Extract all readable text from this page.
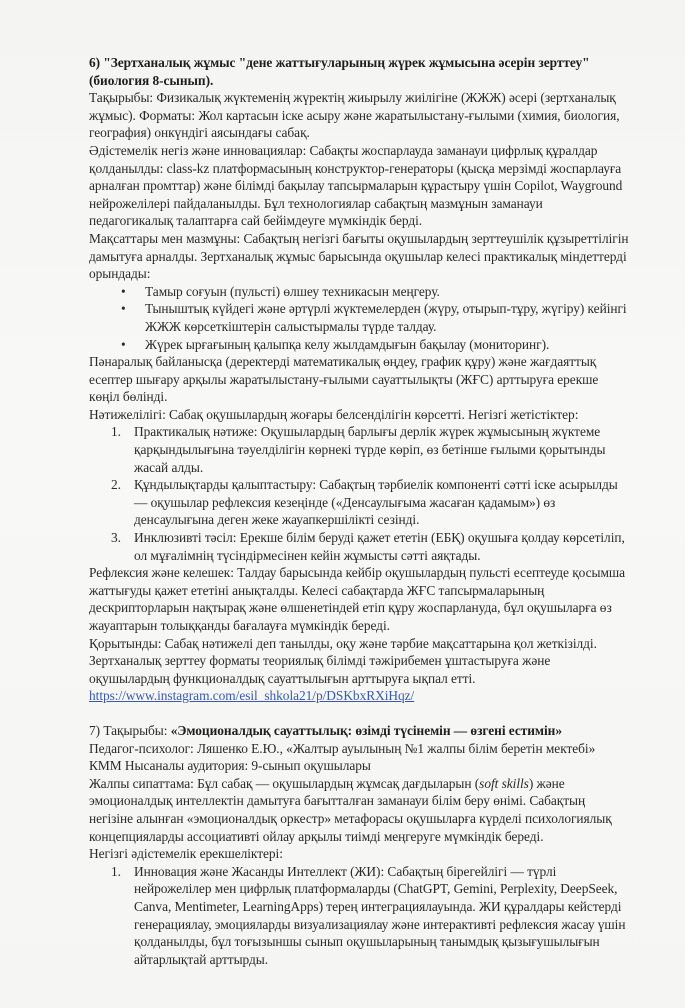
6) "Зертханалық жұмыс "дене жаттығуларының жүрек жұмысына әсерін зерттеу" (биология 8-сынып).

Тақырыбы: Физикалық жүктеменің жүректің жиырылу жиілігіне (ЖЖЖ) әсері (зертханалық жұмыс). Форматы: Жол картасын іске асыру және жаратылыстану-ғылыми (химия, биология, география) онкүндігі аясындағы сабақ.

Әдістемелік негіз және инновациялар: Сабақты жоспарлауда заманауи цифрлық құралдар қолданылды: class-kz платформасының конструктор-генераторы (қысқа мерзімді жоспарлауға арналған промттар) және білімді бақылау тапсырмаларын құрастыру үшін Copilot, Wayground нейрожелілері пайдаланылды. Бұл технологиялар сабақтың мазмұнын заманауи педагогикалық талаптарға сай бейімдеуге мүмкіндік берді.

Мақсаттары мен мазмұны: Сабақтың негізгі бағыты оқушылардың зерттеушілік құзыреттілігін дамытуға арналды. Зертханалық жұмыс барысында оқушылар келесі практикалық міндеттерді орындады:

• Тамыр соғуын (пульсті) өлшеу техникасын меңгеру.
• Тыныштық күйдегі және әртүрлі жүктемелерден (жүру, отырып-тұру, жүгіру) кейінгі ЖЖЖ көрсеткіштерін салыстырмалы түрде талдау.
• Жүрек ырғағының қалыпқа келу жылдамдығын бақылау (мониторинг).

Пәнаралық байланысқа (деректерді математикалық өңдеу, график құру) және жағдаяттық есептер шығару арқылы жаратылыстану-ғылыми сауаттылықты (ЖҒС) арттыруға ерекше көңіл бөлінді.

Нәтижелілігі: Сабақ оқушылардың жоғары белсенділігін көрсетті. Негізгі жетістіктер:

1. Практикалық нәтиже: Оқушылардың барлығы дерлік жүрек жұмысының жүктеме қарқындылығына тәуелділігін көрнекі түрде көріп, өз бетінше ғылыми қорытынды жасай алды.
2. Құндылықтарды қалыптастыру: Сабақтың тәрбиелік компоненті сәтті іске асырылды — оқушылар рефлексия кезеңінде («Денсаулығыма жасаған қадамым») өз денсаулығына деген жеке жауапкершілікті сезінді.
3. Инклюзивті тәсіл: Ерекше білім беруді қажет ететін (ЕБҚ) оқушыға қолдау көрсетіліп, ол мұғалімнің түсіндірмесінен кейін жұмысты сәтті аяқтады.

Рефлексия және келешек: Талдау барысында кейбір оқушылардың пульсті есептеуде қосымша жаттығуды қажет ететіні анықталды. Келесі сабақтарда ЖҒС тапсырмаларының дескрипторларын нақтырақ және өлшенетіндей етіп құру жоспарлануда, бұл оқушыларға өз жауаптарын толыққанды бағалауға мүмкіндік береді.

Қорытынды: Сабақ нәтижелі деп танылды, оқу және тәрбие мақсаттарына қол жеткізілді. Зертханалық зерттеу форматы теориялық білімді тәжірибемен ұштастыруға және оқушылардың функционалдық сауаттылығын арттыруға ықпал етті.

https://www.instagram.com/esil_shkola21/p/DSKbxRXiHqz/

7) Тақырыбы: «Эмоционалдық сауаттылық: өзімді түсінемін — өзгені естимін»

Педагог-психолог: Ляшенко Е.Ю., «Жалтыр ауылының №1 жалпы білім беретін мектебі» КММ Нысаналы аудитория: 9-сынып оқушылары

Жалпы сипаттама: Бұл сабақ — оқушылардың жұмсақ дағдыларын (soft skills) және эмоционалдық интеллектін дамытуға бағытталған заманауи білім беру өнімі. Сабақтың негізіне алынған «эмоционалдық оркестр» метафорасы оқушыларға күрделі психологиялық концепцияларды ассоциативті ойлау арқылы тиімді меңгеруге мүмкіндік береді.

Негізгі әдістемелік ерекшеліктері:

1. Инновация және Жасанды Интеллект (ЖИ): Сабақтың бірегейлігі — түрлі нейрожелілер мен цифрлық платформаларды (ChatGPT, Gemini, Perplexity, DeepSeek, Canva, Mentimeter, LearningApps) терең интеграциялауында. ЖИ құралдары кейстерді генерациялау, эмоцияларды визуализациялау және интерактивті рефлексия жасау үшін қолданылды, бұл тоғызыншы сынып оқушыларының танымдық қызығушылығын айтарлықтай арттырды.
